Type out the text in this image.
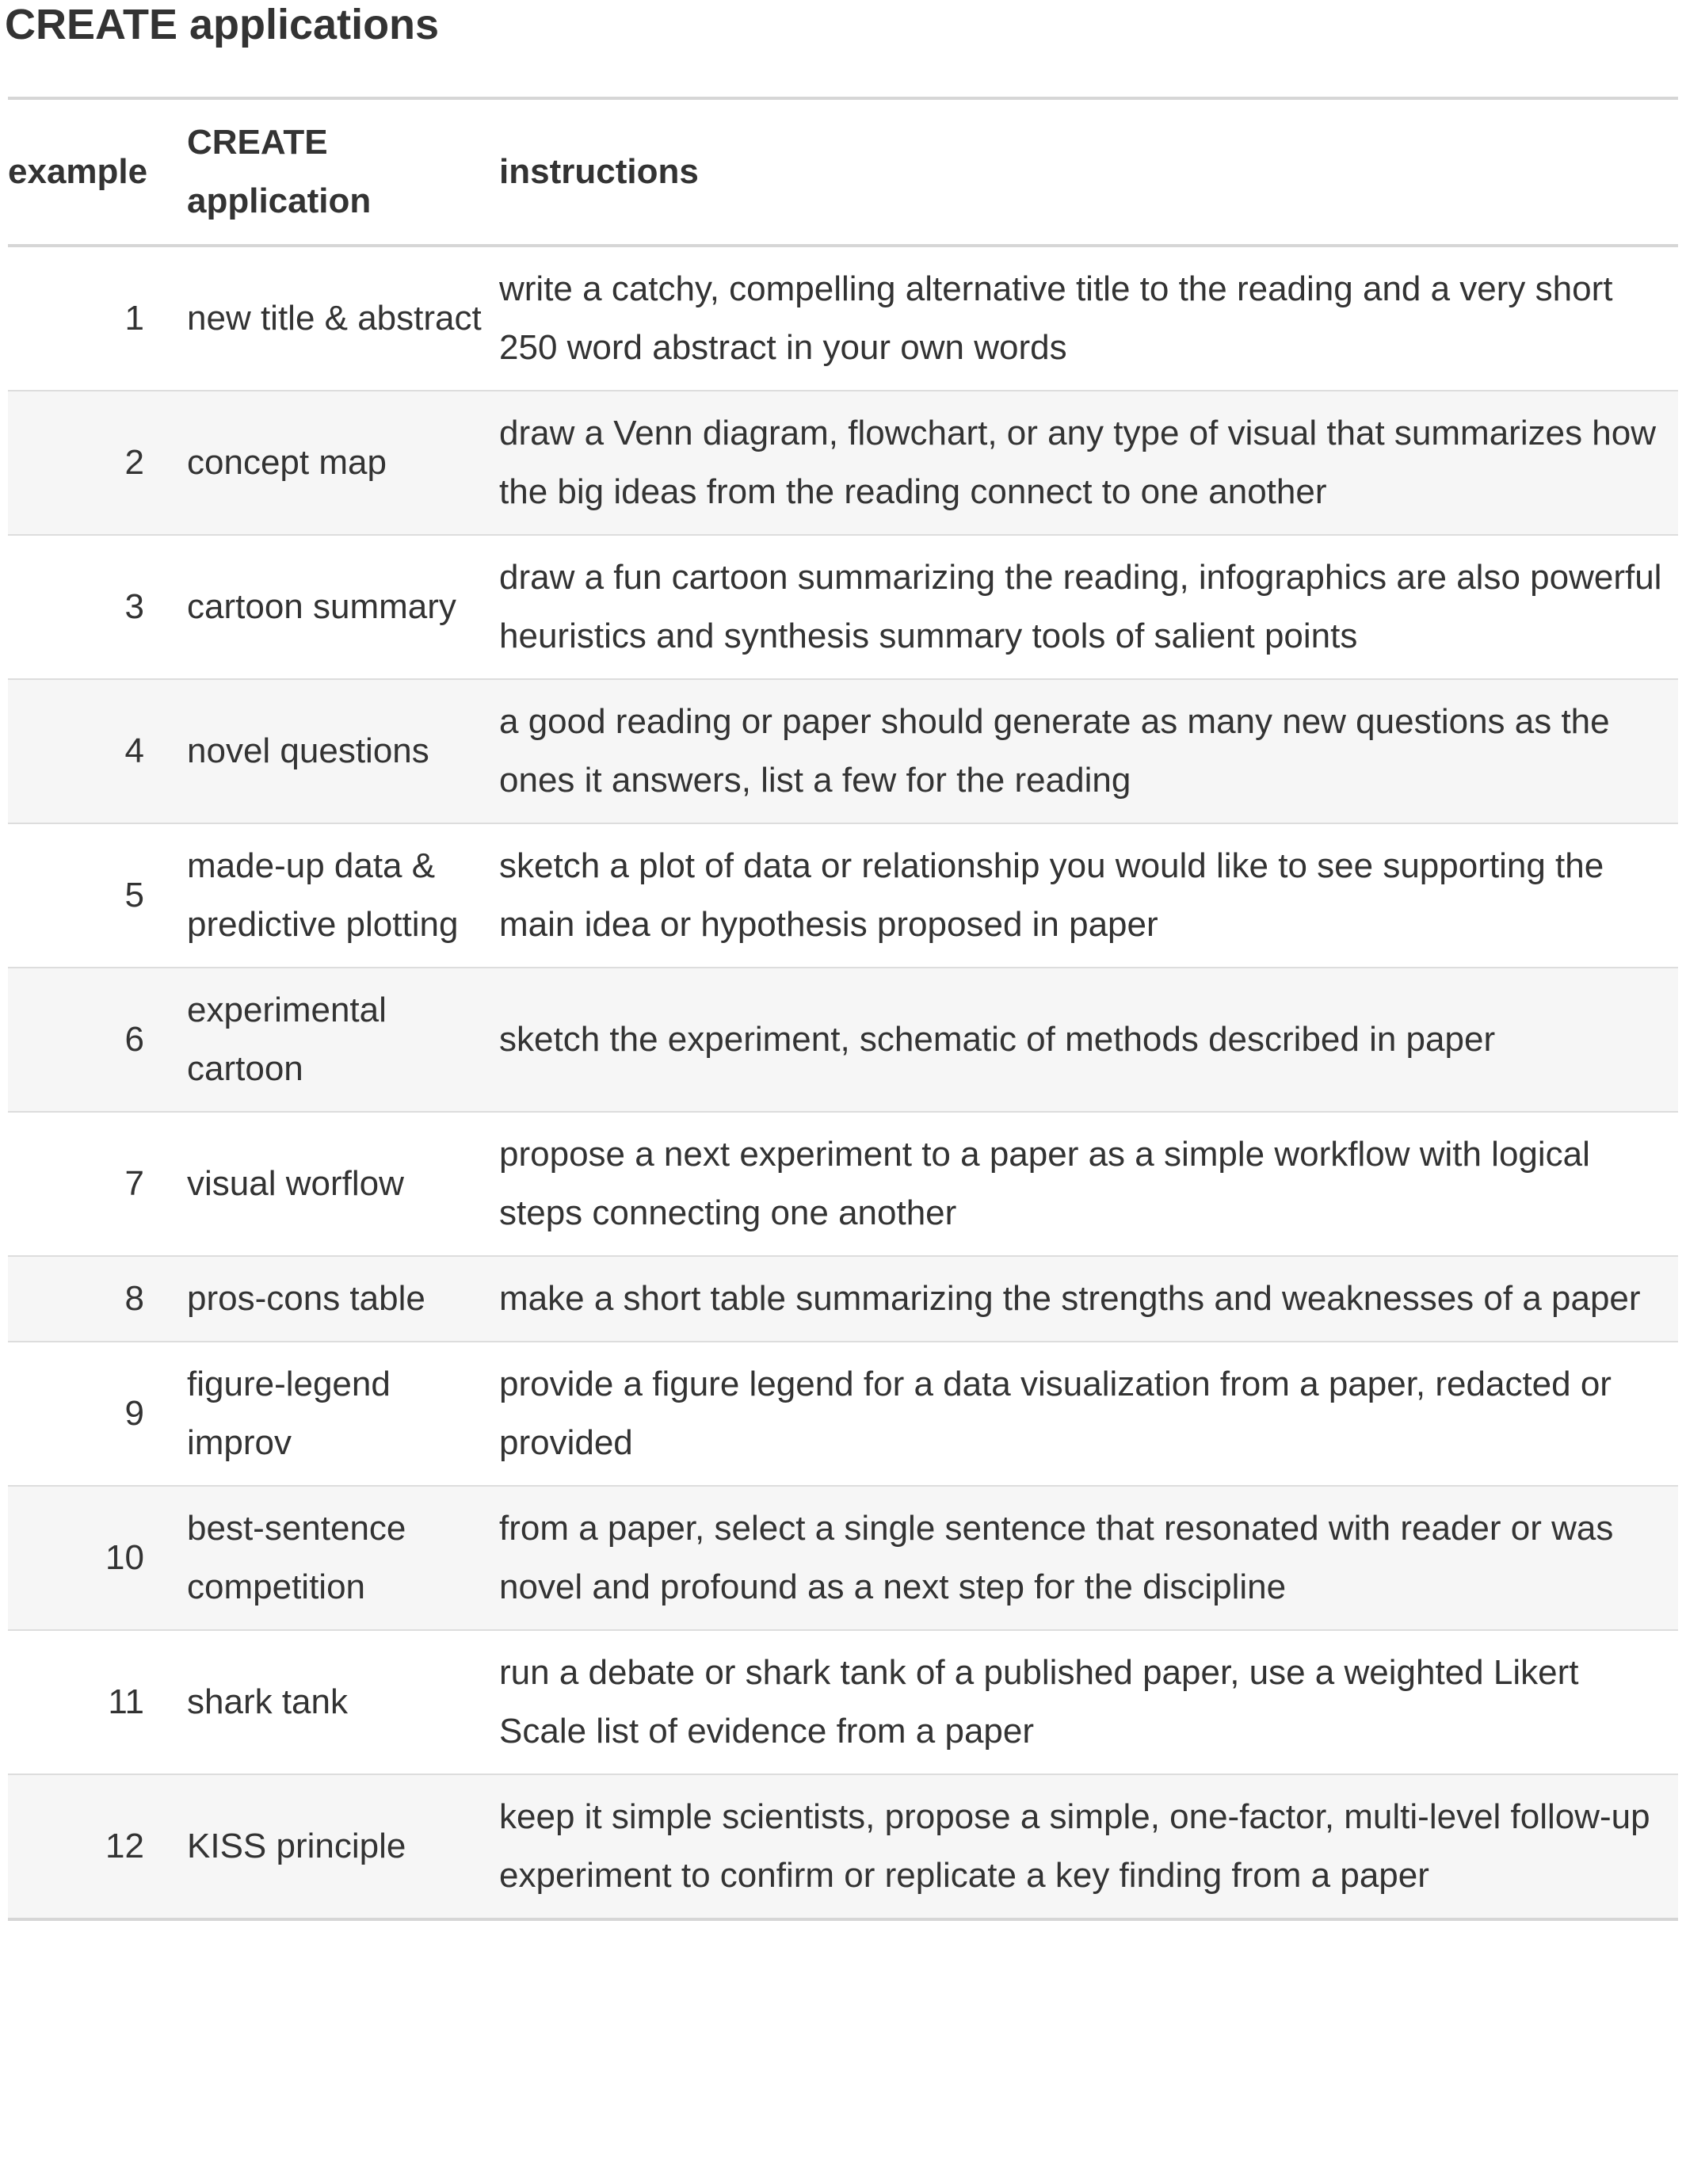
CREATE applications
example	CREATE application	instructions
1	new title & abstract	write a catchy, compelling alternative title to the reading and a very short 250 word abstract in your own words
2	concept map	draw a Venn diagram, flowchart, or any type of visual that summarizes how the big ideas from the reading connect to one another
3	cartoon summary	draw a fun cartoon summarizing the reading, infographics are also powerful heuristics and synthesis summary tools of salient points
4	novel questions	a good reading or paper should generate as many new questions as the ones it answers, list a few for the reading
5	made-up data & predictive plotting	sketch a plot of data or relationship you would like to see supporting the main idea or hypothesis proposed in paper
6	experimental cartoon	sketch the experiment, schematic of methods described in paper
7	visual worflow	propose a next experiment to a paper as a simple workflow with logical steps connecting one another
8	pros-cons table	make a short table summarizing the strengths and weaknesses of a paper
9	figure-legend improv	provide a figure legend for a data visualization from a paper, redacted or provided
10	best-sentence competition	from a paper, select a single sentence that resonated with reader or was novel and profound as a next step for the discipline
11	shark tank	run a debate or shark tank of a published paper, use a weighted Likert Scale list of evidence from a paper
12	KISS principle	keep it simple scientists, propose a simple, one-factor, multi-level follow-up experiment to confirm or replicate a key finding from a paper
